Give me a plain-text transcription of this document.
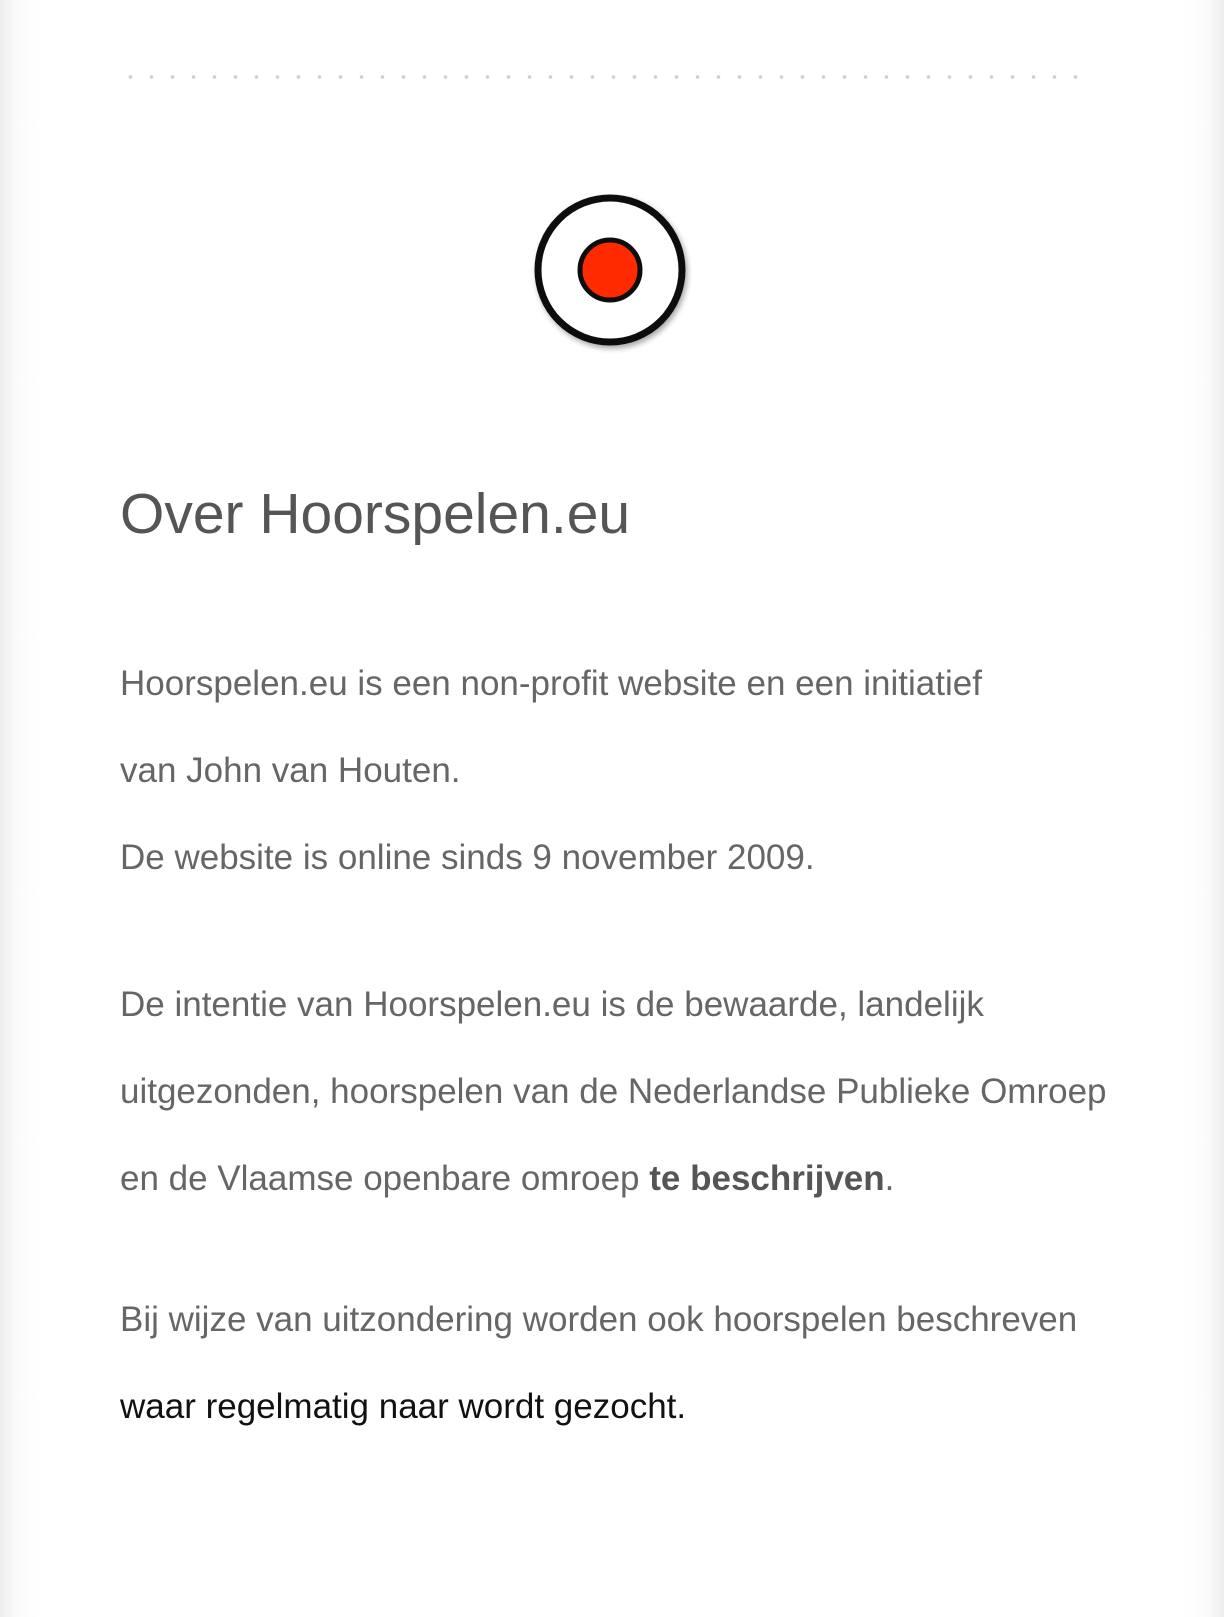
Over Hoorspelen.eu

Hoorspelen.eu is een non-profit website en een initiatief
van John van Houten.
De website is online sinds 9 november 2009.

De intentie van Hoorspelen.eu is de bewaarde, landelijk uitgezonden, hoorspelen van de Nederlandse Publieke Omroep en de Vlaamse openbare omroep te beschrijven.

Bij wijze van uitzondering worden ook hoorspelen beschreven waar regelmatig naar wordt gezocht.
